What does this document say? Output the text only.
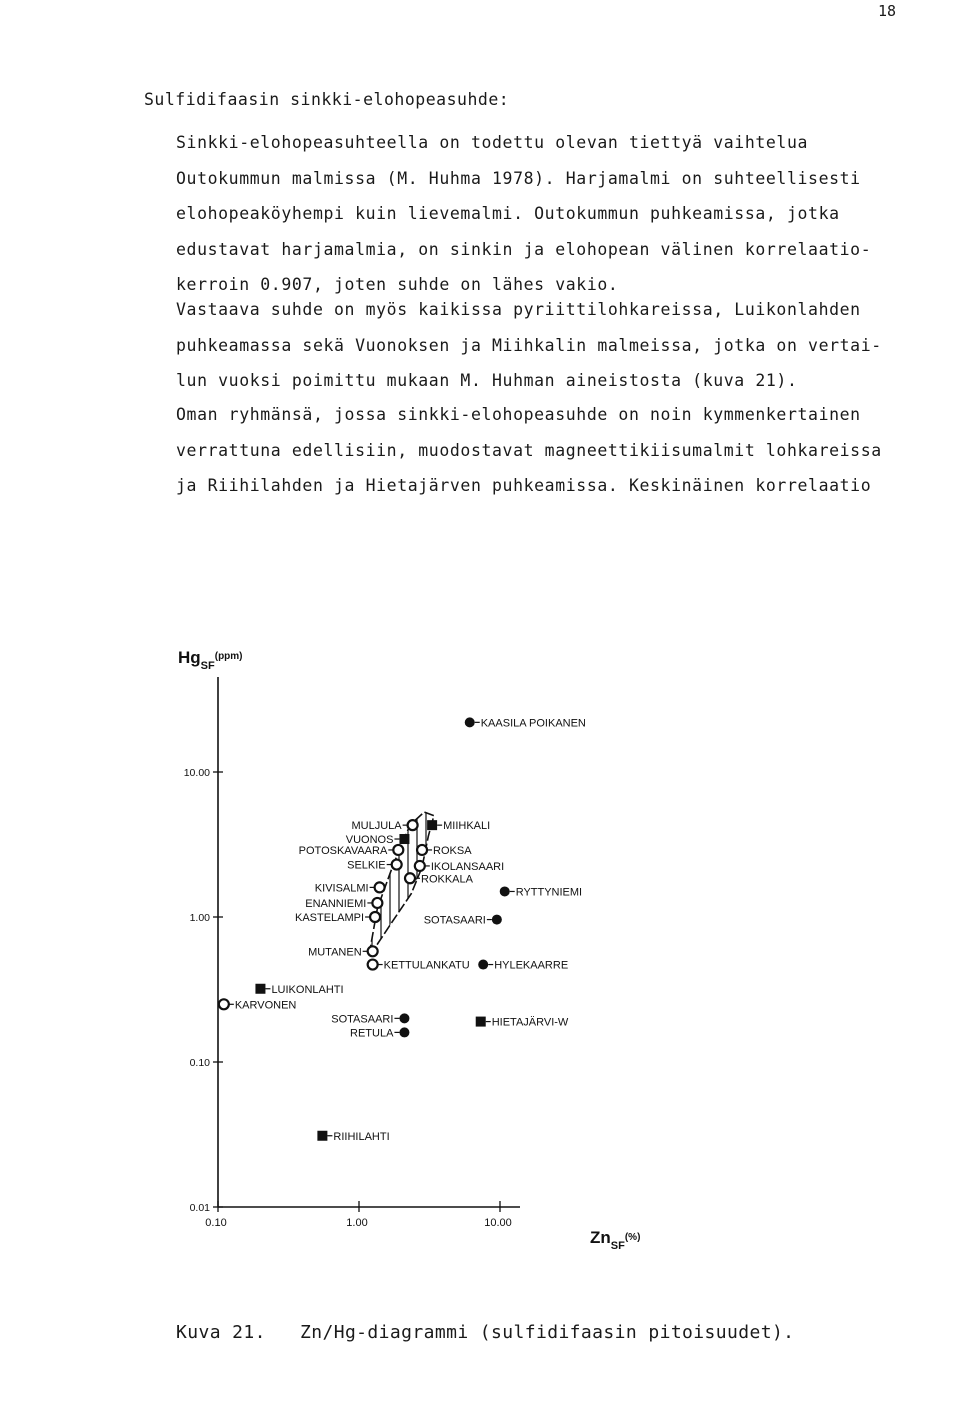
18
Sulfidifaasin sinkki-elohopeasuhde:
Sinkki-elohopeasuhteella on todettu olevan tiettyä vaihtelua
Outokummun malmissa (M. Huhma 1978). Harjamalmi on suhteellisesti
elohopeaköyhempi kuin lievemalmi. Outokummun puhkeamissa, jotka
edustavat harjamalmia, on sinkin ja elohopean välinen korrelaatio-
kerroin 0.907, joten suhde on lähes vakio.
Vastaava suhde on myös kaikissa pyriittilohkareissa, Luikonlahden
puhkeamassa sekä Vuonoksen ja Miihkalin malmeissa, jotka on vertai-
lun vuoksi poimittu mukaan M. Huhman aineistosta (kuva 21).
Oman ryhmänsä, jossa sinkki-elohopeasuhde on noin kymmenkertainen
verrattuna edellisiin, muodostavat magneettikiisumalmit lohkareissa
ja Riihilahden ja Hietajärven puhkeamissa. Keskinäinen korrelaatio
$Hg_{SF}^{(ppm)}$
$Zn_{SF}^{(\%)}$
0.10	1.00	10.00
0.01
0.10
1.00
10.00
KAASILA POIKANEN
MULJULA	MIIHKALI
VUONOS
POTOSKAVAARA	ROKSA
SELKIE	IKOLANSAARI
ROKKALA
KIVISALMI	RYTTYNIEMI
ENANNIEMI
KASTELAMPI	SOTASAARI
MUTANEN
KETTULANKATU HYLEKAARRE
LUIKONLAHTI
KARVONEN
SOTASAARI	HIETAJÄRVI-W
RETULA
RIIHILAHTI
Kuva 21. Zn/Hg-diagrammi (sulfidifaasin pitoisuudet).
